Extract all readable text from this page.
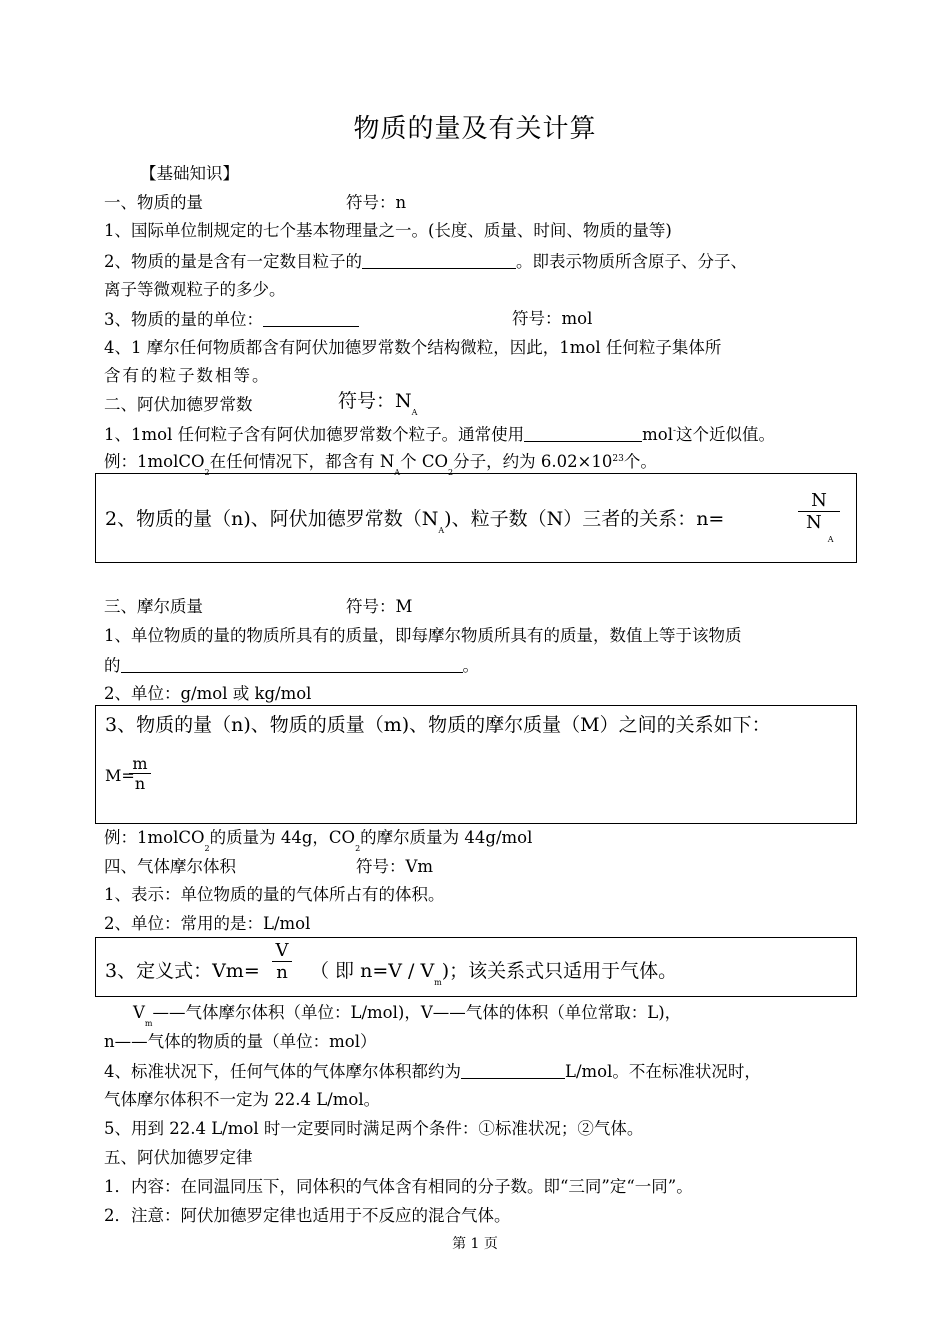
物质的量及有关计算
【基础知识】
一、物质的量	符号：n
1、国际单位制规定的七个基本物理量之一。(长度、质量、时间、物质的量等)
2、物质的量是含有一定数目粒子的	。即表示物质所含原子、分子、
离子等微观粒子的多少。
3、物质的量的单位：	符号：mol
4、1 摩尔任何物质都含有阿伏加德罗常数个结构微粒，因此，1mol 任何粒子集体所
含有的粒子数相等。
二、阿伏加德罗常数	符号：$N_A$
1、1mol 任何粒子含有阿伏加德罗常数个粒子。通常使用	mol-这个近似值。
例：1molCO$_2$在任何情况下，都含有 $N_A$个 $CO_2$分子，约为 $6.02\times 10^{23}$个。
2、物质的量（n)、阿伏加德罗常数$(N_A)$、粒子数（N）三者的关系：n=
N
$N_A$
三、摩尔质量	符号：M
1、单位物质的量的物质所具有的质量，即每摩尔物质所具有的质量，数值上等于该物质
的	。
2、单位：g/mol 或 kg/mol
3、物质的量（n)、物质的质量（m)、物质的摩尔质量（M）之间的关系如下：
M=
m
n
例：1molCO$_2$的质量为 44g，$CO_2$的摩尔质量为 44g/mol
四、气体摩尔体积	符号：Vm
1、表示：单位物质的量的气体所占有的体积。
2、单位：常用的是：L/mol
3、定义式：Vm=
V
n （ 即 $n=V / V_m$)；该关系式只适用于气体。
$V_m——$气体摩尔体积（单位：L/mol)，V——气体的体积（单位常取：L)，
n——气体的物质的量（单位：mol）
4、标准状况下，任何气体的气体摩尔体积都约为	L/mol。不在标准状况时，
气体摩尔体积不一定为 22.4 L/mol。
5、用到 22.4 L/mol 时一定要同时满足两个条件：①标准状况；②气体。
五、阿伏加德罗定律
1．内容：在同温同压下，同体积的气体含有相同的分子数。即“三同”定“一同”。
2．注意：阿伏加德罗定律也适用于不反应的混合气体。
第 1 页
